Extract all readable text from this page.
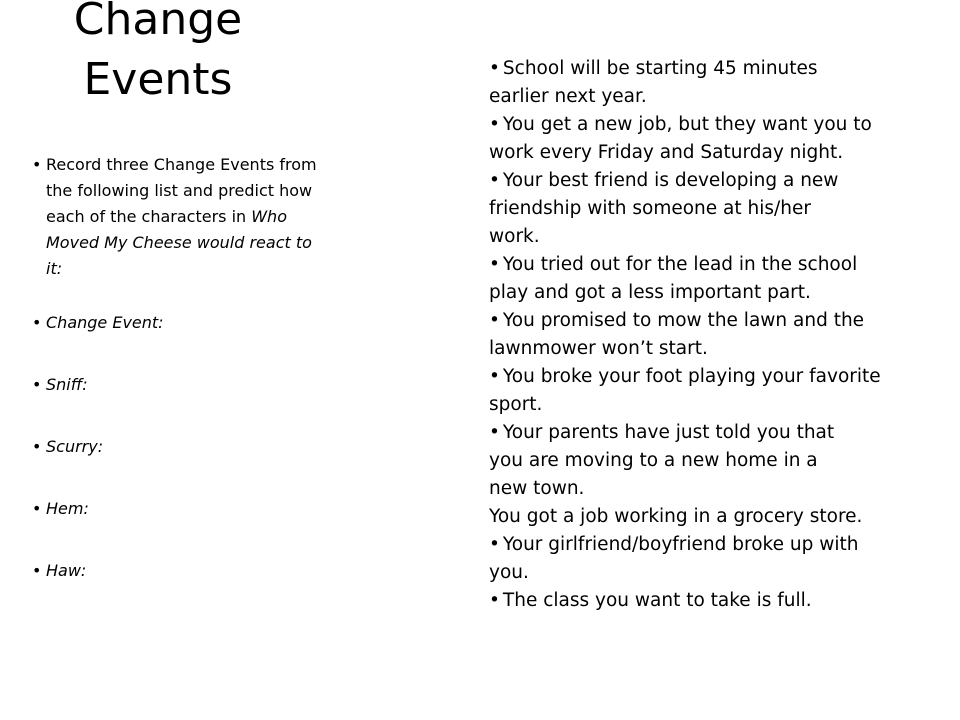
Change
Events
• Record three Change Events from the following list and predict how each of the characters in Who Moved My Cheese would react to it:
• Change Event:
• Sniff:
• Scurry:
• Hem:
• Haw:
• School will be starting 45 minutes
earlier next year.
• You get a new job, but they want you to
work every Friday and Saturday night.
• Your best friend is developing a new
friendship with someone at his/her
work.
• You tried out for the lead in the school
play and got a less important part.
• You promised to mow the lawn and the
lawnmower won’t start.
• You broke your foot playing your favorite
sport.
• Your parents have just told you that
you are moving to a new home in a
new town.
You got a job working in a grocery store.
• Your girlfriend/boyfriend broke up with
you.
• The class you want to take is full.
